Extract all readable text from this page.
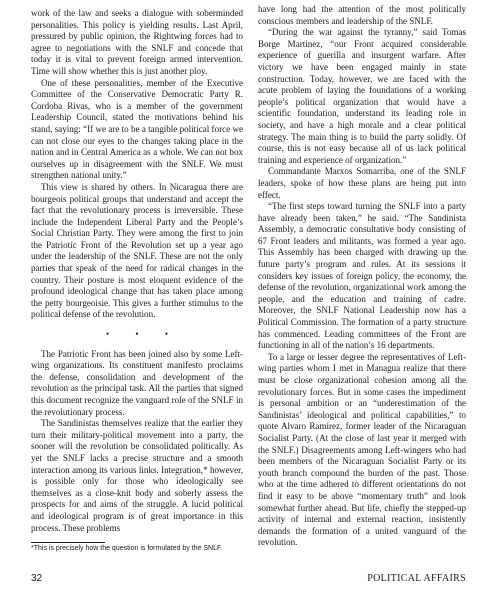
work of the law and seeks a dialogue with soberminded personalities. This policy is yielding results. Last April, pressured by public opinion, the Rightwing forces had to agree to negotiations with the SNLF and concede that today it is vital to prevent foreign armed intervention. Time will show whether this is just another ploy.

One of these personalities, member of the Executive Committee of the Conservative Democratic Party R. Cordoba Rivas, who is a member of the government Leadership Council, stated the motivations behind his stand, saying: “If we are to be a tangible political force we can not close our eyes to the changes taking place in the nation and in Central America as a whole. We can not box ourselves up in disagreement with the SNLF. We must strengthen national unity.”

This view is shared by others. In Nicaragua there are bourgeois political groups that understand and accept the fact that the revolutionary process is irreversible. These include the Independent Liberal Party and the People’s Social Christian Party. They were among the first to join the Patriotic Front of the Revolution set up a year ago under the leadership of the SNLF. These are not the only parties that speak of the need for radical changes in the country. Their posture is most eloquent evidence of the profound ideological change that has taken place among the petty bourgeoisie. This gives a further stimulus to the political defense of the revolution.

• • •

The Patriotic Front has been joined also by some Left-wing organizations. Its constituent manifesto proclaims the defense, consolidation and development of the revolution as the principal task. All the parties that signed this document recognize the vanguard role of the SNLF in the revolutionary process.

The Sandinistas themselves realize that the earlier they turn their military-political movement into a party, the sooner will the revolution be consolidated politically. As yet the SNLF lacks a precise structure and a smooth interaction among its various links. Integration,* however, is possible only for those who ideologically see themselves as a close-knit body and soberly assess the prospects for and aims of the struggle. A lucid political and ideological program is of great importance in this process. These problems

have long had the attention of the most politically conscious members and leadership of the SNLF.

“During the war against the tyranny,” said Tomas Borge Martinez, “our Front acquired considerable experience of guerilla and insurgent warfare. After victory we have been engaged mainly in state construction. Today, however, we are faced with the acute problem of laying the foundations of a working people’s political organization that would have a scientific foundation, understand its leading role in society, and have a high morale and a clear political strategy. The main thing is to build the party solidly. Of course, this is not easy because all of us lack political training and experience of organization.”

Commandante Marxos Somarriba, one of the SNLF leaders, spoke of how these plans are being put into effect.

“The first steps toward turning the SNLF into a party have already been taken,” he said. “The Sandinista Assembly, a democratic consultative body consisting of 67 Front leaders and militants, was formed a year ago. This Assembly has been charged with drawing up the future party’s program and rules. At its sessions it considers key issues of foreign policy, the economy, the defense of the revolution, organizational work among the people, and the education and training of cadre. Moreover, the SNLF National Leadership now has a Political Commission. The formation of a party structure has commenced. Leading committees of the Front are functioning in all of the nation’s 16 departments.

To a large or lesser degree the representatives of Left-wing parties whom I met in Managua realize that there must be close organizational cohesion among all the revolutionary forces. But in some cases the impediment is personal ambition or an “underestimation of the Sandinistas’ ideological and political capabilities,” to quote Alvaro Ramirez, former leader of the Nicaraguan Socialist Party. (At the close of last year it merged with the SNLF.) Disagreements among Left-wingers who had been members of the Nicaraguan Socialist Party or its youth branch compound the burden of the past. Those who at the time adhered to different orientations do not find it easy to be above “momentary truth” and look somewhat further ahead. But life, chiefly the stepped-up activity of internal and external reaction, insistently demands the formation of a united vanguard of the revolution.

*This is precisely how the question is formulated by the SNLF.
32	POLITICAL AFFAIRS
